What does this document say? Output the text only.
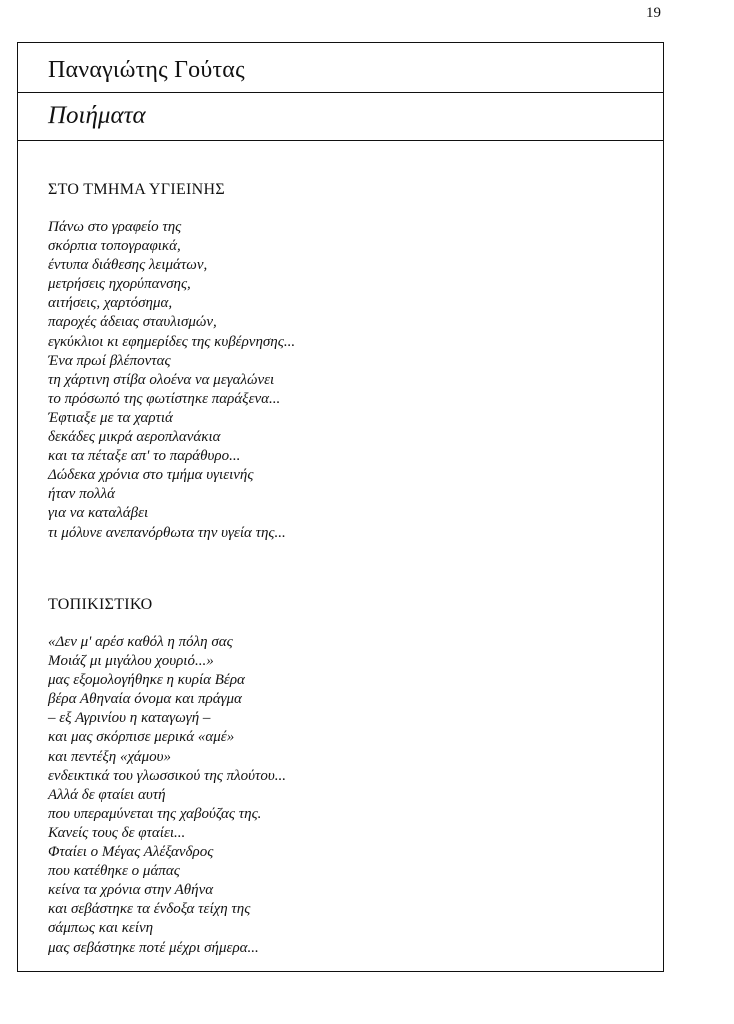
19
Παναγιώτης Γούτας
Ποιήματα
ΣΤΟ ΤΜΗΜΑ ΥΓΙΕΙΝΗΣ
Πάνω στο γραφείο της
σκόρπια τοπογραφικά,
έντυπα διάθεσης λειμάτων,
μετρήσεις ηχορύπανσης,
αιτήσεις, χαρτόσημα,
παροχές άδειας σταυλισμών,
εγκύκλιοι κι εφημερίδες της κυβέρνησης...
Ένα πρωί βλέποντας
τη χάρτινη στίβα ολοένα να μεγαλώνει
το πρόσωπό της φωτίστηκε παράξενα...
Έφτιαξε με τα χαρτιά
δεκάδες μικρά αεροπλανάκια
και τα πέταξε απ' το παράθυρο...
Δώδεκα χρόνια στο τμήμα υγιεινής
ήταν πολλά
για να καταλάβει
τι μόλυνε ανεπανόρθωτα την υγεία της...
ΤΟΠΙΚΙΣΤΙΚΟ
«Δεν μ' αρέσ καθόλ η πόλη σας
Μοιάζ μι μιγάλου χουριό...»
μας εξομολογήθηκε η κυρία Βέρα
βέρα Αθηναία όνομα και πράγμα
– εξ Αγρινίου η καταγωγή –
και μας σκόρπισε μερικά «αμέ»
και πεντέξη «χάμου»
ενδεικτικά του γλωσσικού της πλούτου...
Αλλά δε φταίει αυτή
που υπεραμύνεται της χαβούζας της.
Κανείς τους δε φταίει...
Φταίει ο Μέγας Αλέξανδρος
που κατέθηκε ο μάπας
κείνα τα χρόνια στην Αθήνα
και σεβάστηκε τα ένδοξα τείχη της
σάμπως και κείνη
μας σεβάστηκε ποτέ μέχρι σήμερα...
